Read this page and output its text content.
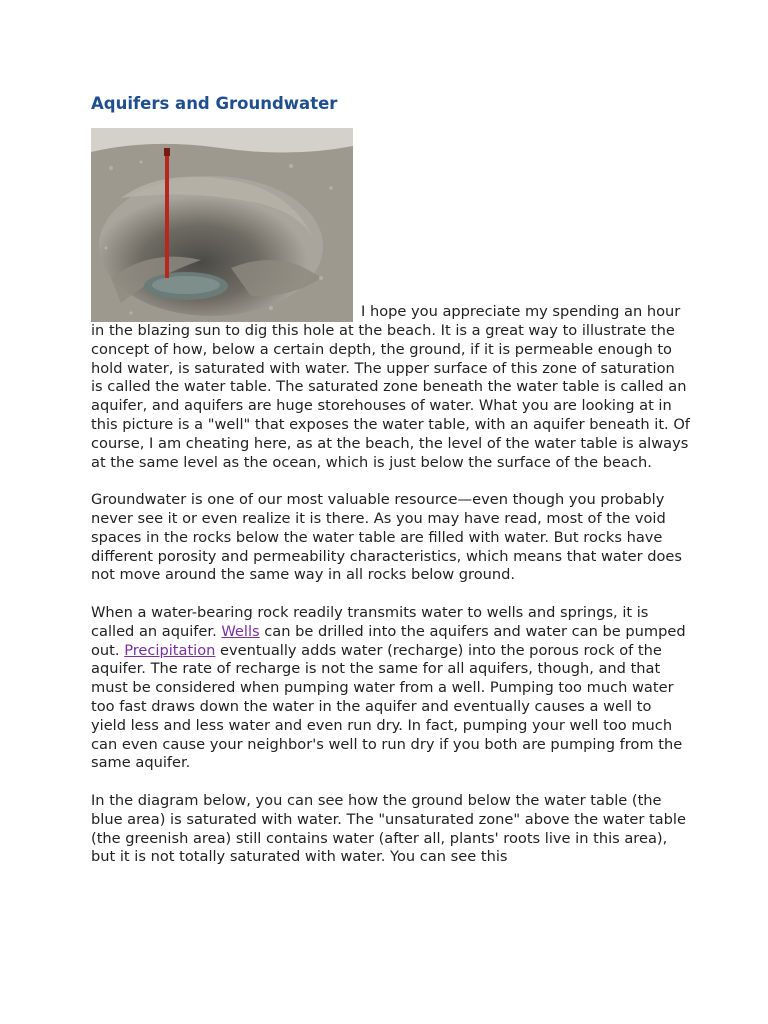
Aquifers and Groundwater

I hope you appreciate my spending an hour in the blazing sun to dig this hole at the beach. It is a great way to illustrate the concept of how, below a certain depth, the ground, if it is permeable enough to hold water, is saturated with water. The upper surface of this zone of saturation is called the water table. The saturated zone beneath the water table is called an aquifer, and aquifers are huge storehouses of water. What you are looking at in this picture is a "well" that exposes the water table, with an aquifer beneath it. Of course, I am cheating here, as at the beach, the level of the water table is always at the same level as the ocean, which is just below the surface of the beach.

Groundwater is one of our most valuable resource—even though you probably never see it or even realize it is there. As you may have read, most of the void spaces in the rocks below the water table are filled with water. But rocks have different porosity and permeability characteristics, which means that water does not move around the same way in all rocks below ground.

When a water-bearing rock readily transmits water to wells and springs, it is called an aquifer. Wells can be drilled into the aquifers and water can be pumped out. Precipitation eventually adds water (recharge) into the porous rock of the aquifer. The rate of recharge is not the same for all aquifers, though, and that must be considered when pumping water from a well. Pumping too much water too fast draws down the water in the aquifer and eventually causes a well to yield less and less water and even run dry. In fact, pumping your well too much can even cause your neighbor's well to run dry if you both are pumping from the same aquifer.

In the diagram below, you can see how the ground below the water table (the blue area) is saturated with water. The "unsaturated zone" above the water table (the greenish area) still contains water (after all, plants' roots live in this area), but it is not totally saturated with water. You can see this
